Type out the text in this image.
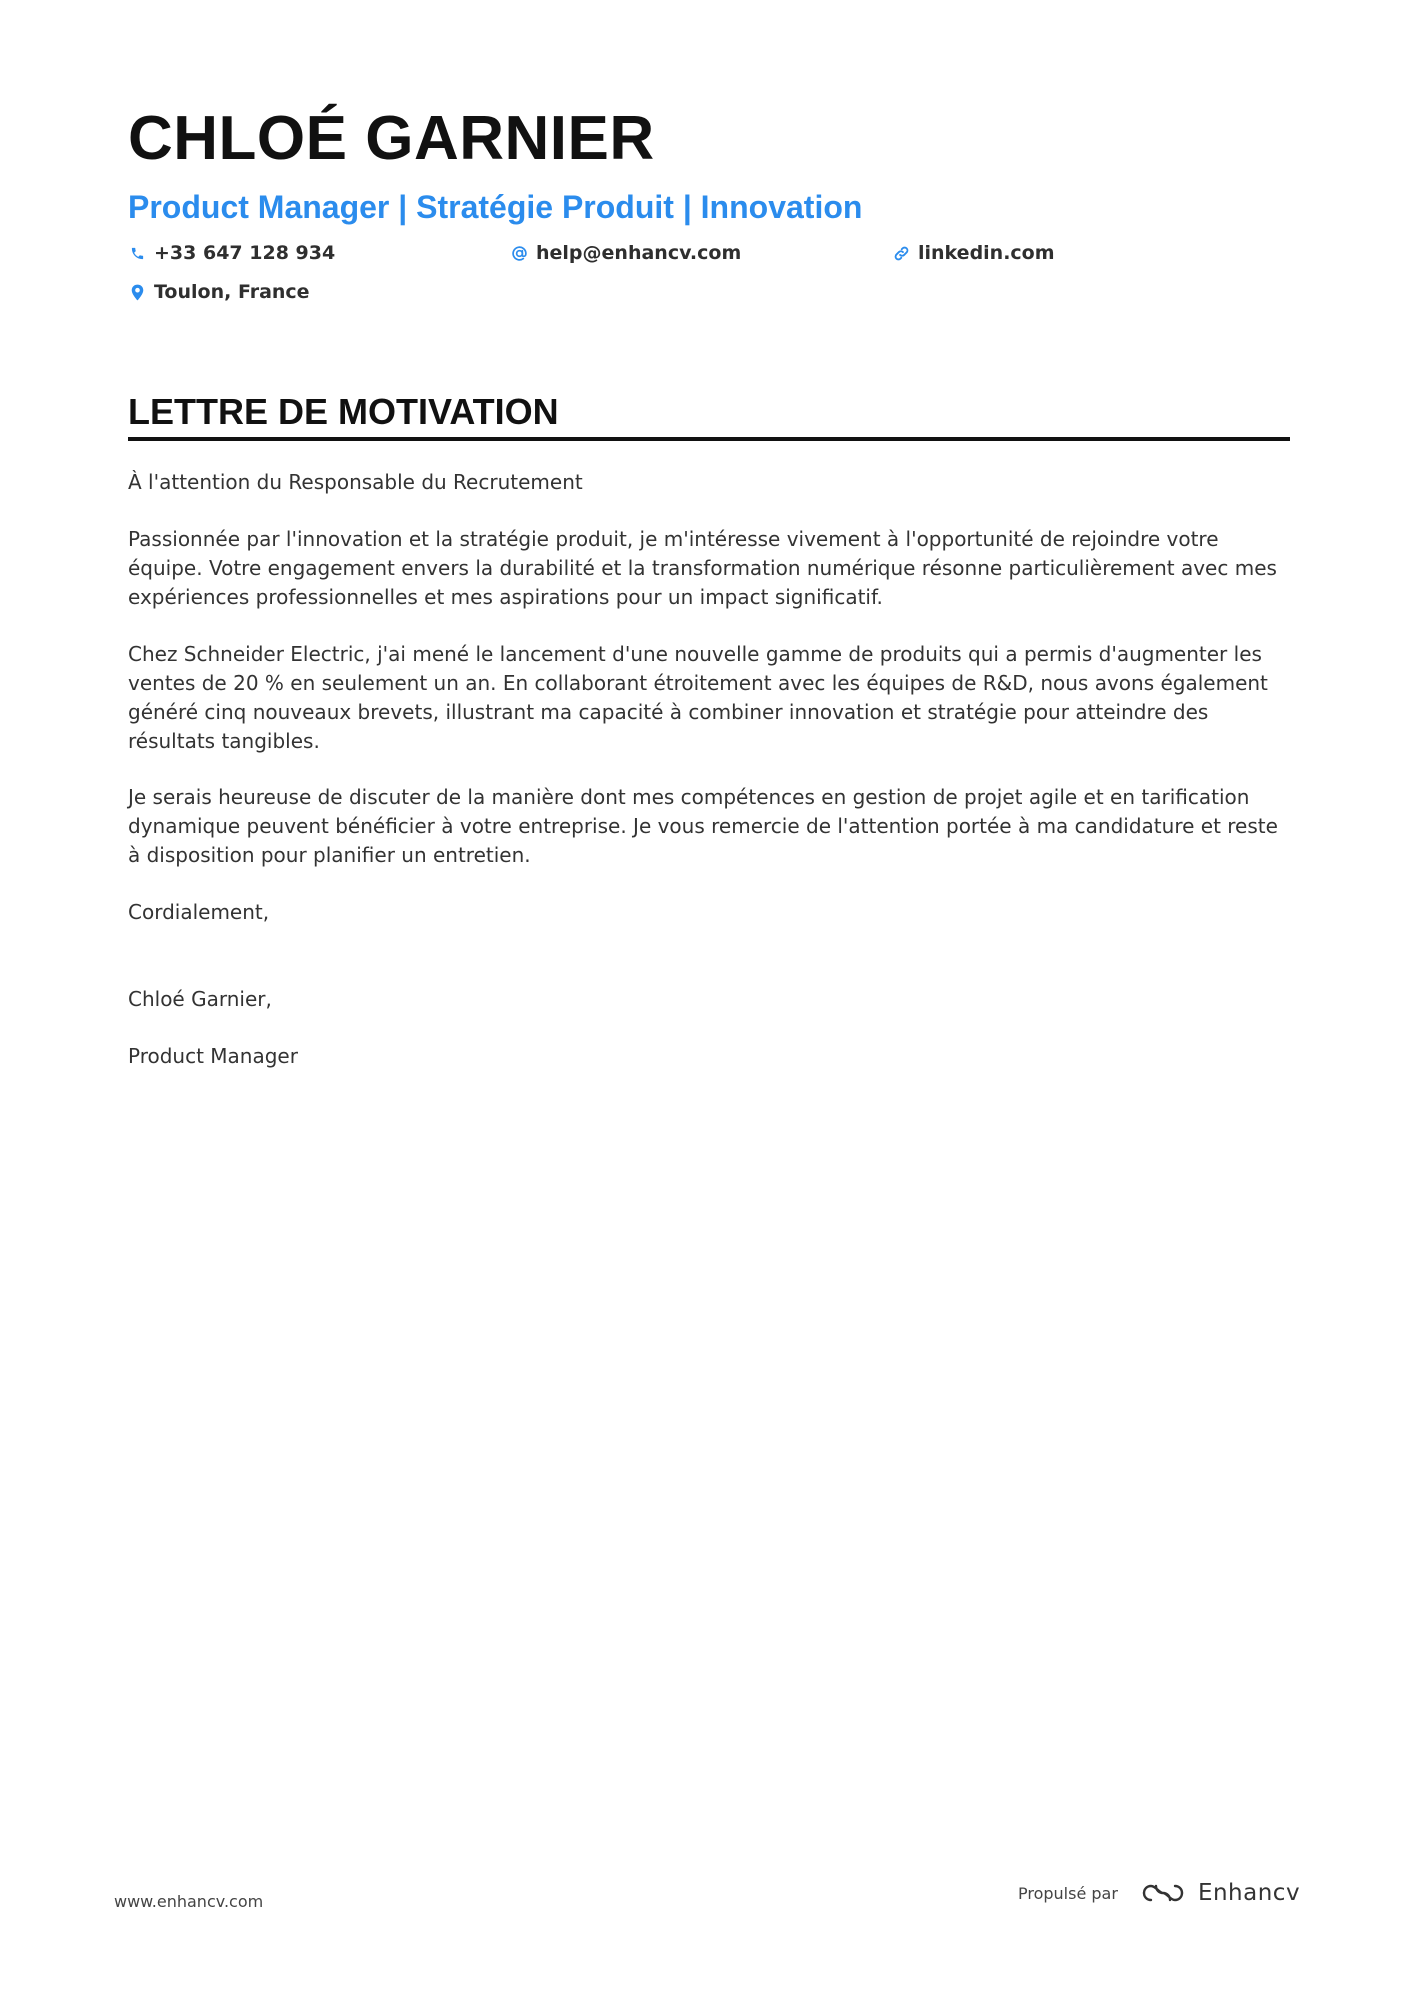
CHLOÉ GARNIER
Product Manager | Stratégie Produit | Innovation
+33 647 128 934	help@enhancv.com	linkedin.com
Toulon, France
LETTRE DE MOTIVATION

À l'attention du Responsable du Recrutement

Passionnée par l'innovation et la stratégie produit, je m'intéresse vivement à l'opportunité de rejoindre votre équipe. Votre engagement envers la durabilité et la transformation numérique résonne particulièrement avec mes expériences professionnelles et mes aspirations pour un impact significatif.

Chez Schneider Electric, j'ai mené le lancement d'une nouvelle gamme de produits qui a permis d'augmenter les ventes de 20 % en seulement un an. En collaborant étroitement avec les équipes de R&D, nous avons également généré cinq nouveaux brevets, illustrant ma capacité à combiner innovation et stratégie pour atteindre des résultats tangibles.

Je serais heureuse de discuter de la manière dont mes compétences en gestion de projet agile et en tarification dynamique peuvent bénéficier à votre entreprise. Je vous remercie de l'attention portée à ma candidature et reste à disposition pour planifier un entretien.

Cordialement,

Chloé Garnier,

Product Manager

www.enhancv.com	Propulsé par	Enhancv
